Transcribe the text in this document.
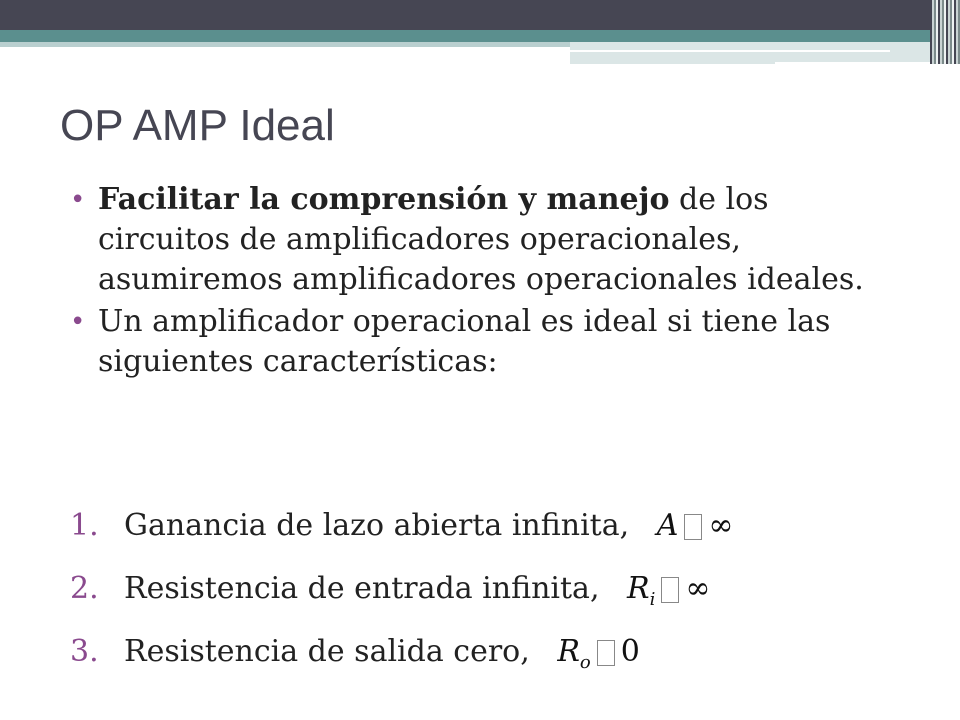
OP AMP Ideal
• Facilitar la comprensión y manejo de los circuitos de amplificadores operacionales, asumiremos amplificadores operacionales ideales.
• Un amplificador operacional es ideal si tiene las siguientes características:
1. Ganancia de lazo abierta infinita, A ∞
2. Resistencia de entrada infinita, $R_i$ ∞
3. Resistencia de salida cero, $R_o$ 0
